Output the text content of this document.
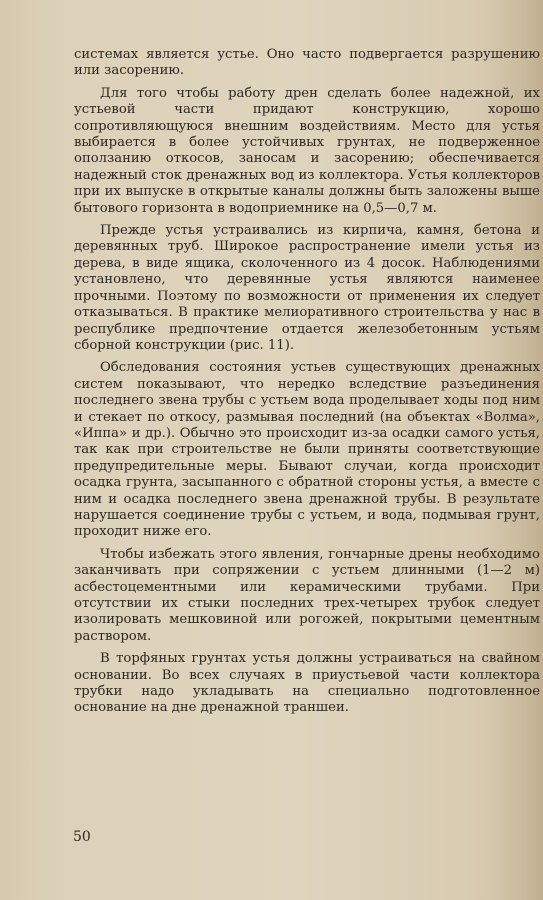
системах является устье. Оно часто подвергается разрушению или засорению.

Для того чтобы работу дрен сделать более надежной, их устьевой части придают конструкцию, хорошо сопротивляющуюся внешним воздействиям. Место для устья выбирается в более устойчивых грунтах, не подверженное оползанию откосов, заносам и засорению; обеспечивается надежный сток дренажных вод из коллектора. Устья коллекторов при их выпуске в открытые каналы должны быть заложены выше бытового горизонта в водоприемнике на 0,5—0,7 м.

Прежде устья устраивались из кирпича, камня, бетона и деревянных труб. Широкое распространение имели устья из дерева, в виде ящика, сколоченного из 4 досок. Наблюдениями установлено, что деревянные устья являются наименее прочными. Поэтому по возможности от применения их следует отказываться. В практике мелиоративного строительства у нас в республике предпочтение отдается железобетонным устьям сборной конструкции (рис. 11).

Обследования состояния устьев существующих дренажных систем показывают, что нередко вследствие разъединения последнего звена трубы с устьем вода проделывает ходы под ним и стекает по откосу, размывая последний (на объектах «Волма», «Иппа» и др.). Обычно это происходит из-за осадки самого устья, так как при строительстве не были приняты соответствующие предупредительные меры. Бывают случаи, когда происходит осадка грунта, засыпанного с обратной стороны устья, а вместе с ним и осадка последнего звена дренажной трубы. В результате нарушается соединение трубы с устьем, и вода, подмывая грунт, проходит ниже его.

Чтобы избежать этого явления, гончарные дрены необходимо заканчивать при сопряжении с устьем длинными (1—2 м) асбестоцементными или керамическими трубами. При отсутствии их стыки последних трех-четырех трубок следует изолировать мешковиной или рогожей, покрытыми цементным раствором.

В торфяных грунтах устья должны устраиваться на свайном основании. Во всех случаях в приустьевой части коллектора трубки надо укладывать на специально подготовленное основание на дне дренажной траншеи.

50
